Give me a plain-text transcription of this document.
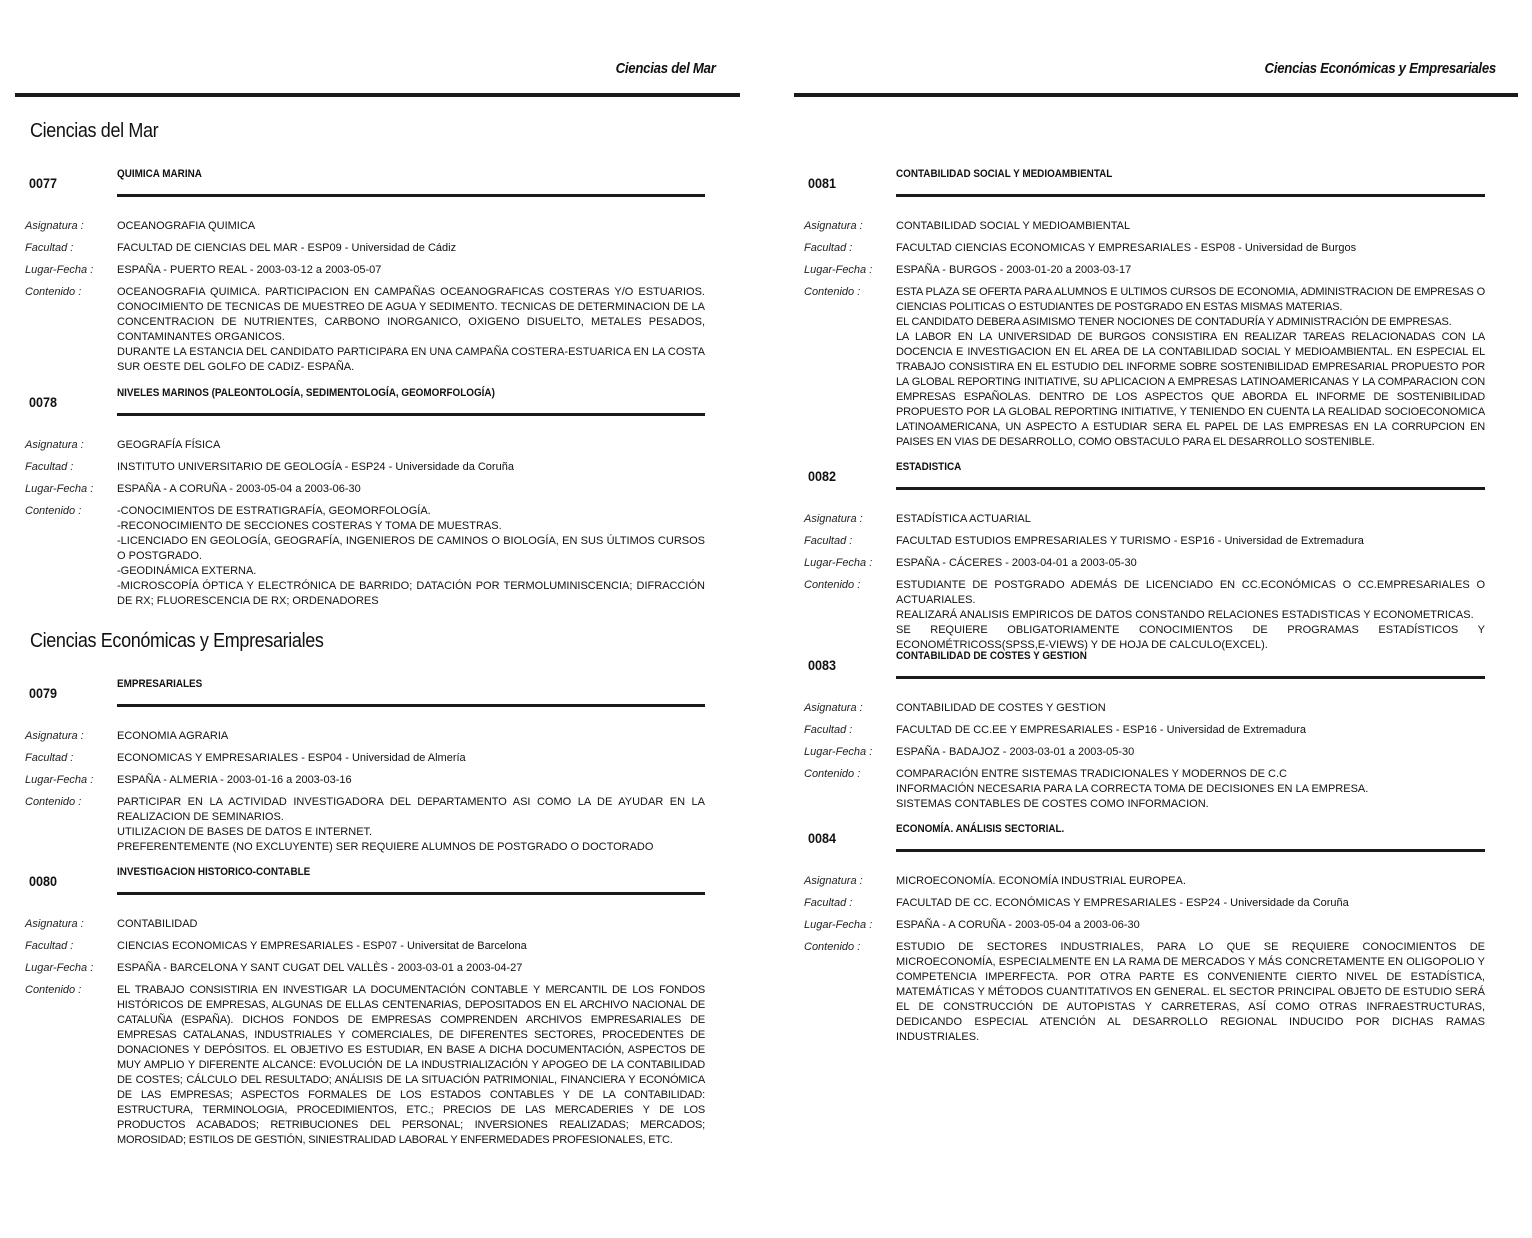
Ciencias del Mar
Ciencias del Mar
0077
QUIMICA MARINA
Asignatura :	OCEANOGRAFIA QUIMICA
Facultad :	FACULTAD DE CIENCIAS DEL MAR - ESP09 - Universidad de Cádiz
Lugar-Fecha :	ESPAÑA - PUERTO REAL - 2003-03-12 a 2003-05-07
Contenido :	OCEANOGRAFIA QUIMICA. PARTICIPACION EN CAMPAÑAS OCEANOGRAFICAS COSTERAS Y/O ESTUARIOS. CONOCIMIENTO DE TECNICAS DE MUESTREO DE AGUA Y SEDIMENTO. TECNICAS DE DETERMINACION DE LA CONCENTRACION DE NUTRIENTES, CARBONO INORGANICO, OXIGENO DISUELTO, METALES PESADOS, CONTAMINANTES ORGANICOS.
DURANTE LA ESTANCIA DEL CANDIDATO PARTICIPARA EN UNA CAMPAÑA COSTERA-ESTUARICA EN LA COSTA SUR OESTE DEL GOLFO DE CADIZ- ESPAÑA.
0078
NIVELES MARINOS (PALEONTOLOGÍA, SEDIMENTOLOGÍA, GEOMORFOLOGÍA)
Asignatura :	GEOGRAFÍA FÍSICA
Facultad :	INSTITUTO UNIVERSITARIO DE GEOLOGÍA - ESP24 - Universidade da Coruña
Lugar-Fecha :	ESPAÑA - A CORUÑA - 2003-05-04 a 2003-06-30
Contenido :	-CONOCIMIENTOS DE ESTRATIGRAFÍA, GEOMORFOLOGÍA.
-RECONOCIMIENTO DE SECCIONES COSTERAS Y TOMA DE MUESTRAS.
-LICENCIADO EN GEOLOGÍA, GEOGRAFÍA, INGENIEROS DE CAMINOS O BIOLOGÍA, EN SUS ÚLTIMOS CURSOS O POSTGRADO.
-GEODINÁMICA EXTERNA.
-MICROSCOPÍA ÓPTICA Y ELECTRÓNICA DE BARRIDO; DATACIÓN POR TERMOLUMINISCENCIA; DIFRACCIÓN DE RX; FLUORESCENCIA DE RX; ORDENADORES
Ciencias Económicas y Empresariales
0079
EMPRESARIALES
Asignatura :	ECONOMIA AGRARIA
Facultad :	ECONOMICAS Y EMPRESARIALES - ESP04 - Universidad de Almería
Lugar-Fecha :	ESPAÑA - ALMERIA - 2003-01-16 a 2003-03-16
Contenido :	PARTICIPAR EN LA ACTIVIDAD INVESTIGADORA DEL DEPARTAMENTO ASI COMO LA DE AYUDAR EN LA REALIZACION DE SEMINARIOS.
UTILIZACION DE BASES DE DATOS E INTERNET.
PREFERENTEMENTE (NO EXCLUYENTE) SER REQUIERE ALUMNOS DE POSTGRADO O DOCTORADO
0080
INVESTIGACION HISTORICO-CONTABLE
Asignatura :	CONTABILIDAD
Facultad :	CIENCIAS ECONOMICAS Y EMPRESARIALES - ESP07 - Universitat de Barcelona
Lugar-Fecha :	ESPAÑA - BARCELONA Y SANT CUGAT DEL VALLÈS - 2003-03-01 a 2003-04-27
Contenido :	EL TRABAJO CONSISTIRIA EN INVESTIGAR LA DOCUMENTACIÓN CONTABLE Y MERCANTIL DE LOS FONDOS HISTÓRICOS DE EMPRESAS, ALGUNAS DE ELLAS CENTENARIAS, DEPOSITADOS EN EL ARCHIVO NACIONAL DE CATALUÑA (ESPAÑA). DICHOS FONDOS DE EMPRESAS COMPRENDEN ARCHIVOS EMPRESARIALES DE EMPRESAS CATALANAS, INDUSTRIALES Y COMERCIALES, DE DIFERENTES SECTORES, PROCEDENTES DE DONACIONES Y DEPÓSITOS. EL OBJETIVO ES ESTUDIAR, EN BASE A DICHA DOCUMENTACIÓN, ASPECTOS DE MUY AMPLIO Y DIFERENTE ALCANCE: EVOLUCIÓN DE LA INDUSTRIALIZACIÓN Y APOGEO DE LA CONTABILIDAD DE COSTES; CÁLCULO DEL RESULTADO; ANÁLISIS DE LA SITUACIÓN PATRIMONIAL, FINANCIERA Y ECONÓMICA DE LAS EMPRESAS; ASPECTOS FORMALES DE LOS ESTADOS CONTABLES Y DE LA CONTABILIDAD: ESTRUCTURA, TERMINOLOGIA, PROCEDIMIENTOS, ETC.; PRECIOS DE LAS MERCADERIES Y DE LOS PRODUCTOS ACABADOS; RETRIBUCIONES DEL PERSONAL; INVERSIONES REALIZADAS; MERCADOS; MOROSIDAD; ESTILOS DE GESTIÓN, SINIESTRALIDAD LABORAL Y ENFERMEDADES PROFESIONALES, ETC.
Ciencias Económicas y Empresariales
0081
CONTABILIDAD SOCIAL Y MEDIOAMBIENTAL
Asignatura :	CONTABILIDAD SOCIAL Y MEDIOAMBIENTAL
Facultad :	FACULTAD CIENCIAS ECONOMICAS Y EMPRESARIALES - ESP08 - Universidad de Burgos
Lugar-Fecha :	ESPAÑA - BURGOS - 2003-01-20 a 2003-03-17
Contenido :	ESTA PLAZA SE OFERTA PARA ALUMNOS E ULTIMOS CURSOS DE ECONOMIA, ADMINISTRACION DE EMPRESAS O CIENCIAS POLITICAS O ESTUDIANTES DE POSTGRADO EN ESTAS MISMAS MATERIAS.
EL CANDIDATO DEBERA ASIMISMO TENER NOCIONES DE CONTADURÍA Y ADMINISTRACIÓN DE EMPRESAS.
LA LABOR EN LA UNIVERSIDAD DE BURGOS CONSISTIRA EN REALIZAR TAREAS RELACIONADAS CON LA DOCENCIA E INVESTIGACION EN EL AREA DE LA CONTABILIDAD SOCIAL Y MEDIOAMBIENTAL. EN ESPECIAL EL TRABAJO CONSISTIRA EN EL ESTUDIO DEL INFORME SOBRE SOSTENIBILIDAD EMPRESARIAL PROPUESTO POR LA GLOBAL REPORTING INITIATIVE, SU APLICACION A EMPRESAS LATINOAMERICANAS Y LA COMPARACION CON EMPRESAS ESPAÑOLAS. DENTRO DE LOS ASPECTOS QUE ABORDA EL INFORME DE SOSTENIBILIDAD PROPUESTO POR LA GLOBAL REPORTING INITIATIVE, Y TENIENDO EN CUENTA LA REALIDAD SOCIOECONOMICA LATINOAMERICANA, UN ASPECTO A ESTUDIAR SERA EL PAPEL DE LAS EMPRESAS EN LA CORRUPCION EN PAISES EN VIAS DE DESARROLLO, COMO OBSTACULO PARA EL DESARROLLO SOSTENIBLE.
0082
ESTADISTICA
Asignatura :	ESTADÍSTICA ACTUARIAL
Facultad :	FACULTAD ESTUDIOS EMPRESARIALES Y TURISMO - ESP16 - Universidad de Extremadura
Lugar-Fecha :	ESPAÑA - CÁCERES - 2003-04-01 a 2003-05-30
Contenido :	ESTUDIANTE DE POSTGRADO ADEMÁS DE LICENCIADO EN CC.ECONÓMICAS O CC.EMPRESARIALES O ACTUARIALES.
REALIZARÁ ANALISIS EMPIRICOS DE DATOS CONSTANDO RELACIONES ESTADISTICAS Y ECONOMETRICAS.
SE REQUIERE OBLIGATORIAMENTE CONOCIMIENTOS DE PROGRAMAS ESTADÍSTICOS Y ECONOMÉTRICOSS(SPSS,E-VIEWS) Y DE HOJA DE CALCULO(EXCEL).
0083
CONTABILIDAD DE COSTES Y GESTION
Asignatura :	CONTABILIDAD DE COSTES Y GESTION
Facultad :	FACULTAD DE CC.EE Y EMPRESARIALES - ESP16 - Universidad de Extremadura
Lugar-Fecha :	ESPAÑA - BADAJOZ - 2003-03-01 a 2003-05-30
Contenido :	COMPARACIÓN ENTRE SISTEMAS TRADICIONALES Y MODERNOS DE C.C
INFORMACIÓN NECESARIA PARA LA CORRECTA TOMA DE DECISIONES EN LA EMPRESA.
SISTEMAS CONTABLES DE COSTES COMO INFORMACION.
0084
ECONOMÍA. ANÁLISIS SECTORIAL.
Asignatura :	MICROECONOMÍA. ECONOMÍA INDUSTRIAL EUROPEA.
Facultad :	FACULTAD DE CC. ECONÓMICAS Y EMPRESARIALES - ESP24 - Universidade da Coruña
Lugar-Fecha :	ESPAÑA - A CORUÑA - 2003-05-04 a 2003-06-30
Contenido :	ESTUDIO DE SECTORES INDUSTRIALES, PARA LO QUE SE REQUIERE CONOCIMIENTOS DE MICROECONOMÍA, ESPECIALMENTE EN LA RAMA DE MERCADOS Y MÁS CONCRETAMENTE EN OLIGOPOLIO Y COMPETENCIA IMPERFECTA. POR OTRA PARTE ES CONVENIENTE CIERTO NIVEL DE ESTADÍSTICA, MATEMÁTICAS Y MÉTODOS CUANTITATIVOS EN GENERAL. EL SECTOR PRINCIPAL OBJETO DE ESTUDIO SERÁ EL DE CONSTRUCCIÓN DE AUTOPISTAS Y CARRETERAS, ASÍ COMO OTRAS INFRAESTRUCTURAS, DEDICANDO ESPECIAL ATENCIÓN AL DESARROLLO REGIONAL INDUCIDO POR DICHAS RAMAS INDUSTRIALES.
